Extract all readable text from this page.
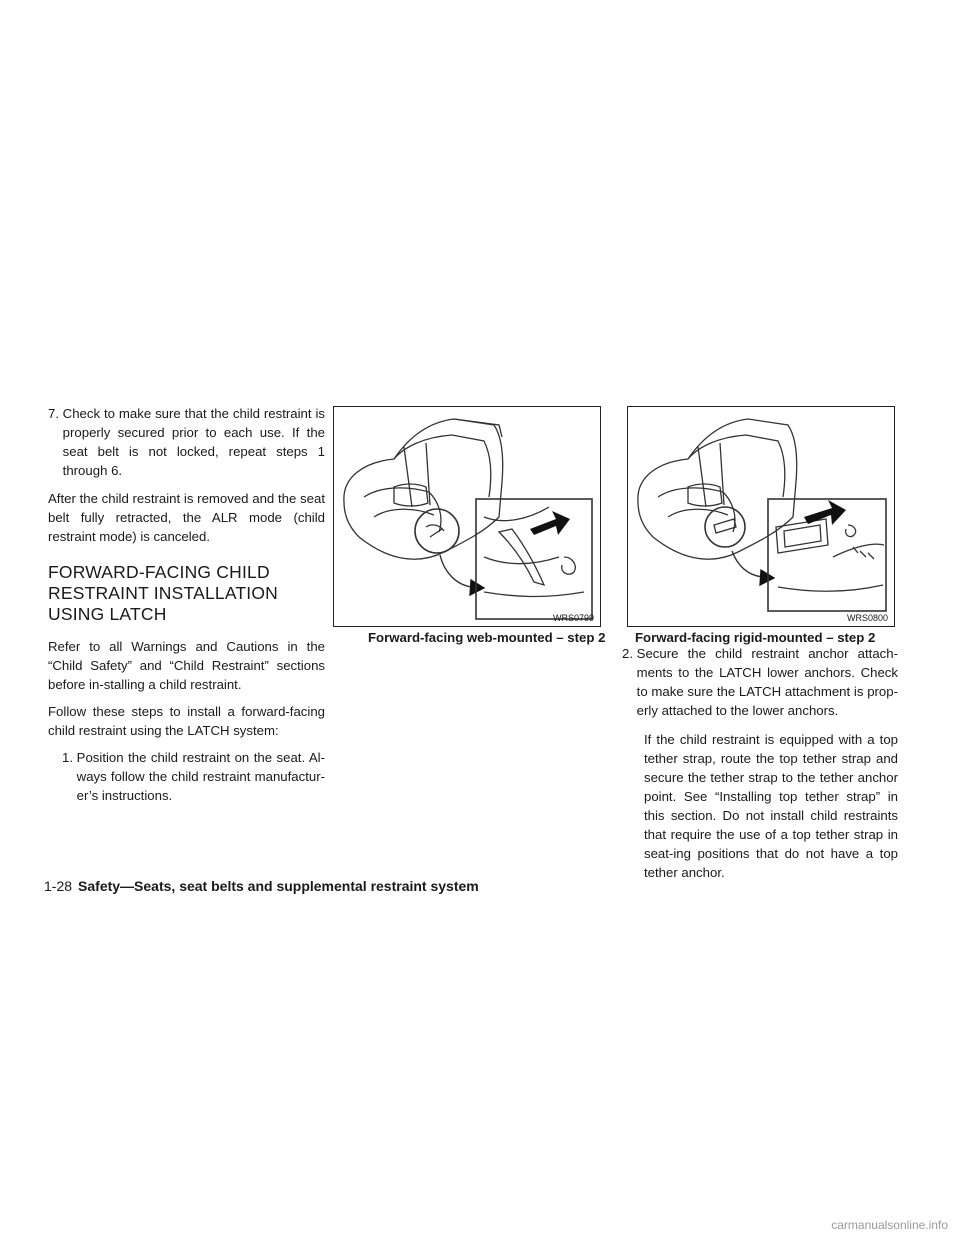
7. Check to make sure that the child restraint is properly secured prior to each use. If the seat belt is not locked, repeat steps 1 through 6.

After the child restraint is removed and the seat belt fully retracted, the ALR mode (child restraint mode) is canceled.

FORWARD-FACING CHILD RESTRAINT INSTALLATION USING LATCH

Refer to all Warnings and Cautions in the “Child Safety” and “Child Restraint” sections before in-stalling a child restraint.

Follow these steps to install a forward-facing child restraint using the LATCH system:

1. Position the child restraint on the seat. Al-ways follow the child restraint manufactur-er’s instructions.
WRS0799
Forward-facing web-mounted – step 2
WRS0800
Forward-facing rigid-mounted – step 2
2. Secure the child restraint anchor attach-ments to the LATCH lower anchors. Check to make sure the LATCH attachment is prop-erly attached to the lower anchors.

If the child restraint is equipped with a top tether strap, route the top tether strap and secure the tether strap to the tether anchor point. See “Installing top tether strap” in this section. Do not install child restraints that require the use of a top tether strap in seat-ing positions that do not have a top tether anchor.

1-28 Safety—Seats, seat belts and supplemental restraint system
carmanualsonline.info
